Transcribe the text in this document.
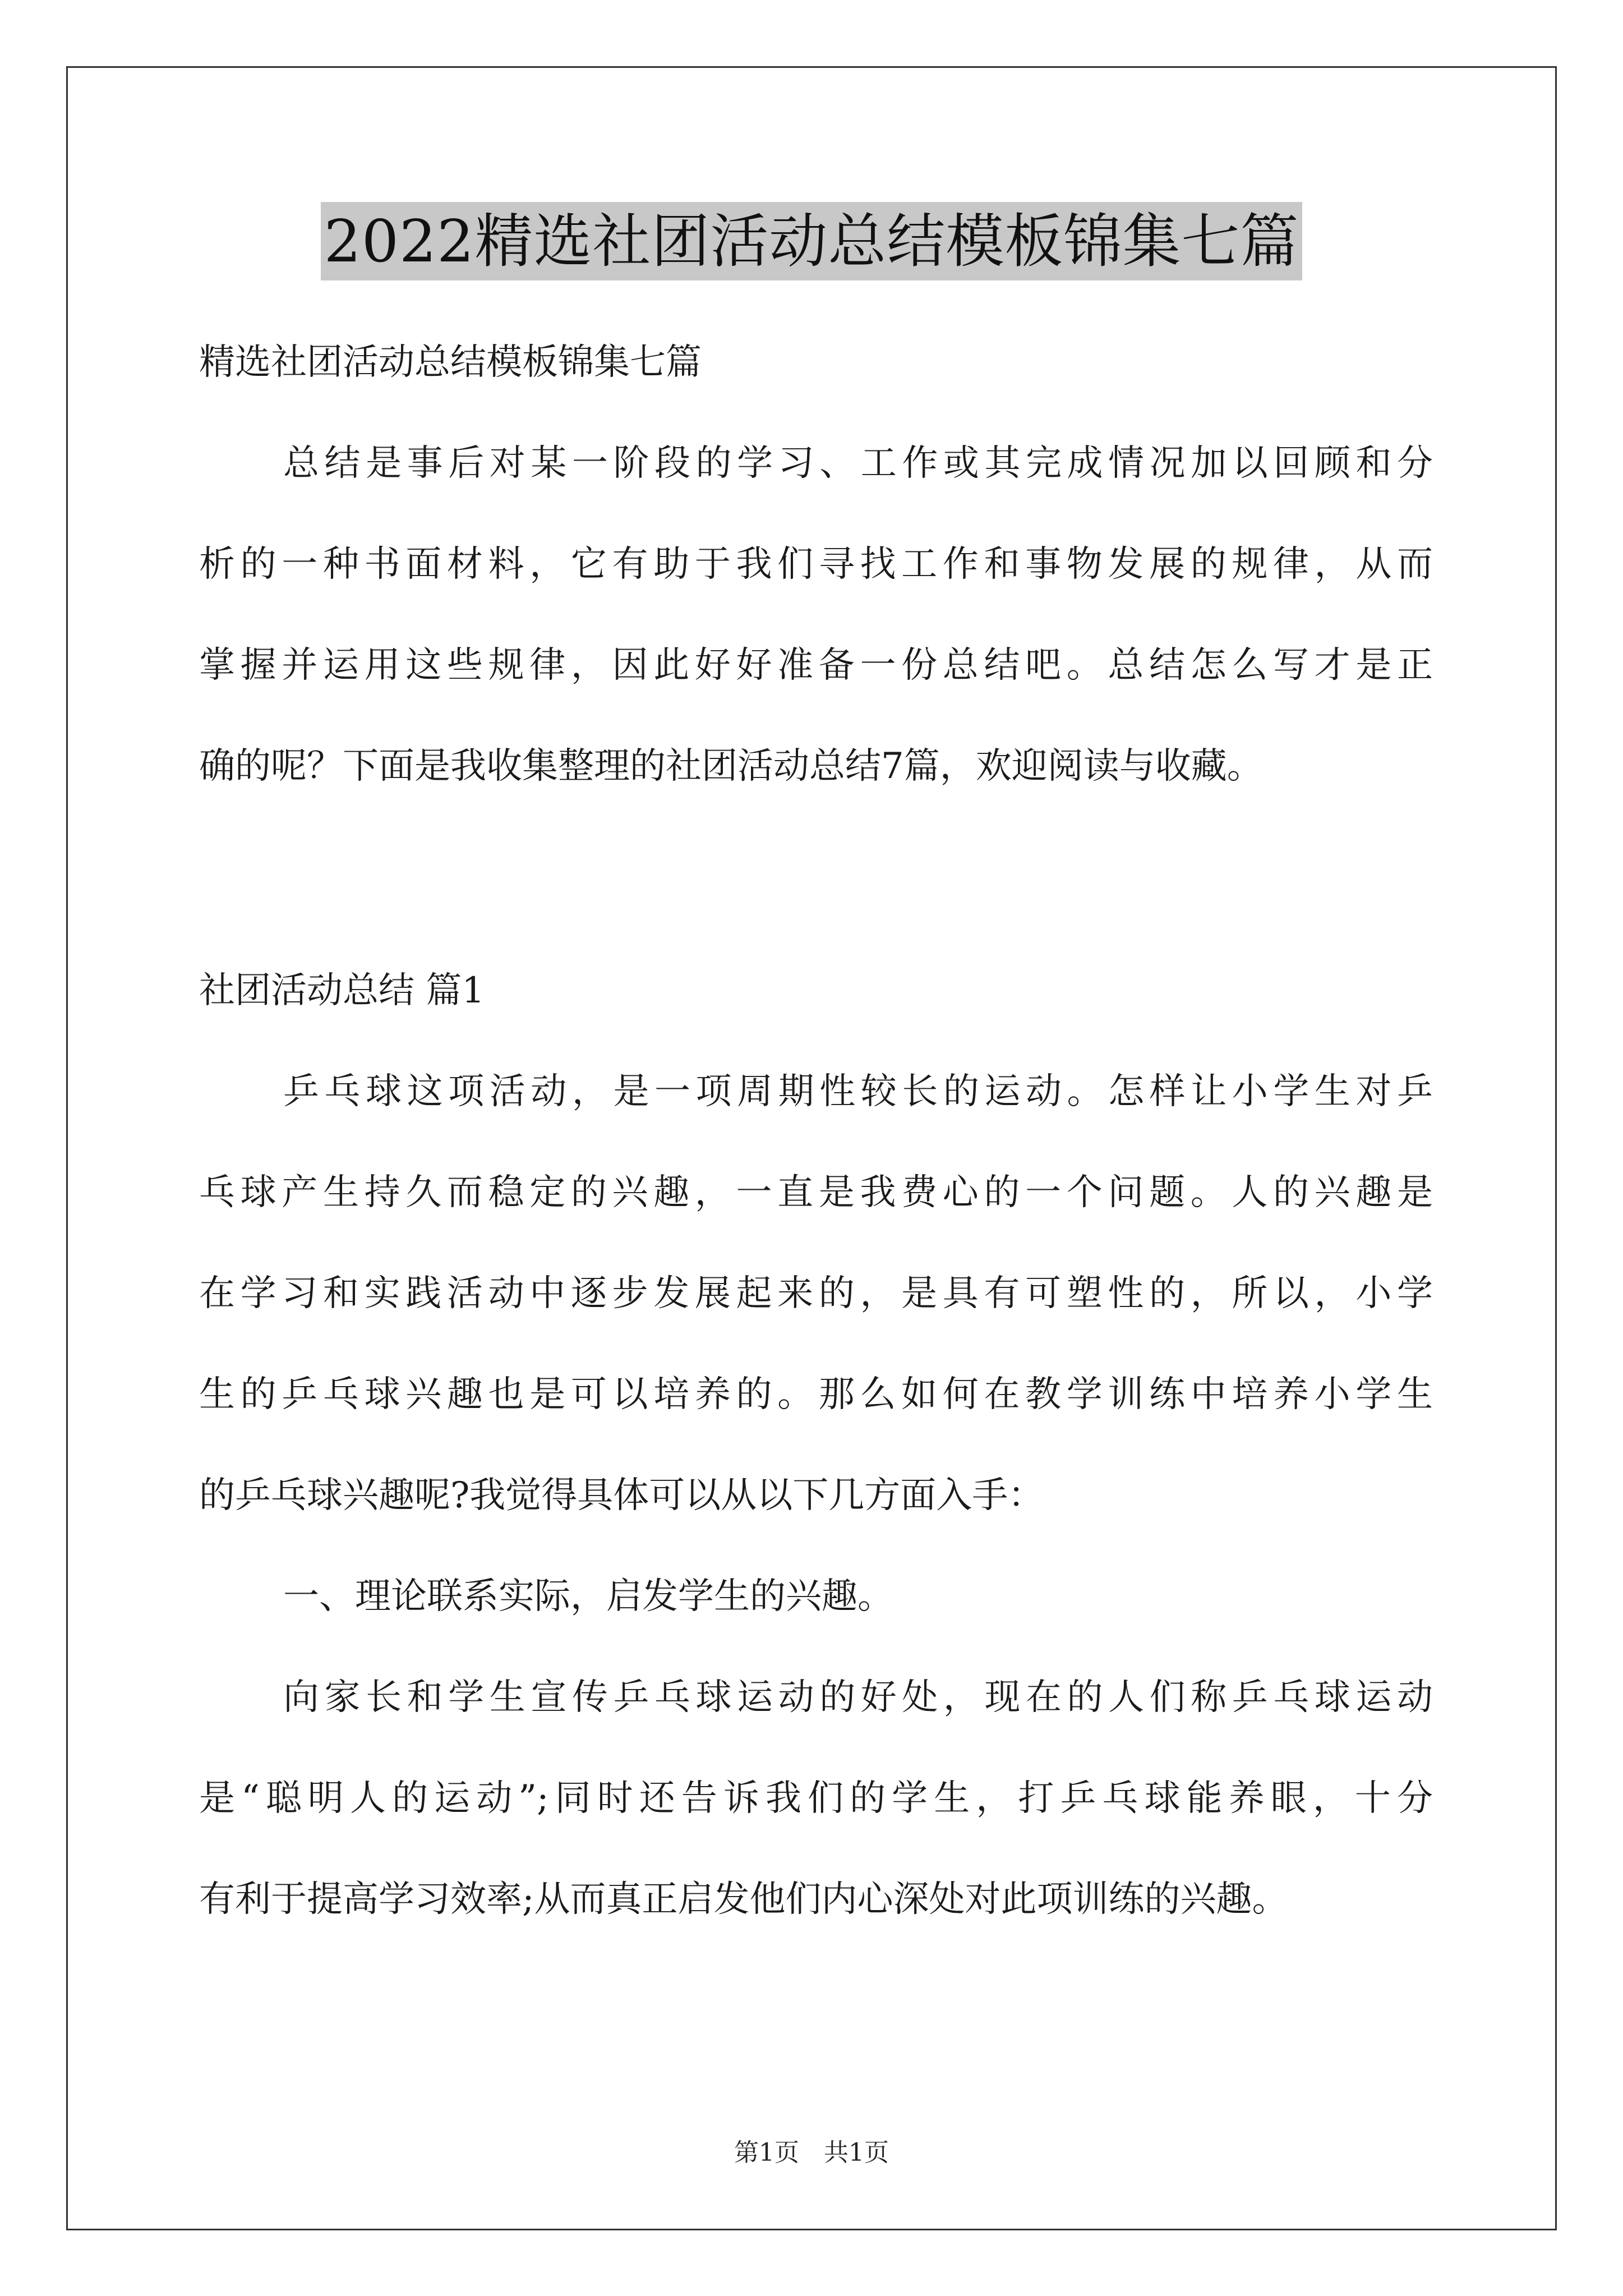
2022精选社团活动总结模板锦集七篇
精选社团活动总结模板锦集七篇
总结是事后对某一阶段的学习、工作或其完成情况加以回顾和分
析的一种书面材料，它有助于我们寻找工作和事物发展的规律，从而
掌握并运用这些规律，因此好好准备一份总结吧。总结怎么写才是正
确的呢？下面是我收集整理的社团活动总结7篇，欢迎阅读与收藏。
社团活动总结 篇1
乒乓球这项活动，是一项周期性较长的运动。怎样让小学生对乒
乓球产生持久而稳定的兴趣，一直是我费心的一个问题。人的兴趣是
在学习和实践活动中逐步发展起来的，是具有可塑性的，所以，小学
生的乒乓球兴趣也是可以培养的。那么如何在教学训练中培养小学生
的乒乓球兴趣呢?我觉得具体可以从以下几方面入手：
一、理论联系实际，启发学生的兴趣。
向家长和学生宣传乒乓球运动的好处，现在的人们称乒乓球运动
是“聪明人的运动”;同时还告诉我们的学生，打乒乓球能养眼，十分
有利于提高学习效率;从而真正启发他们内心深处对此项训练的兴趣。
第1页 共1页
